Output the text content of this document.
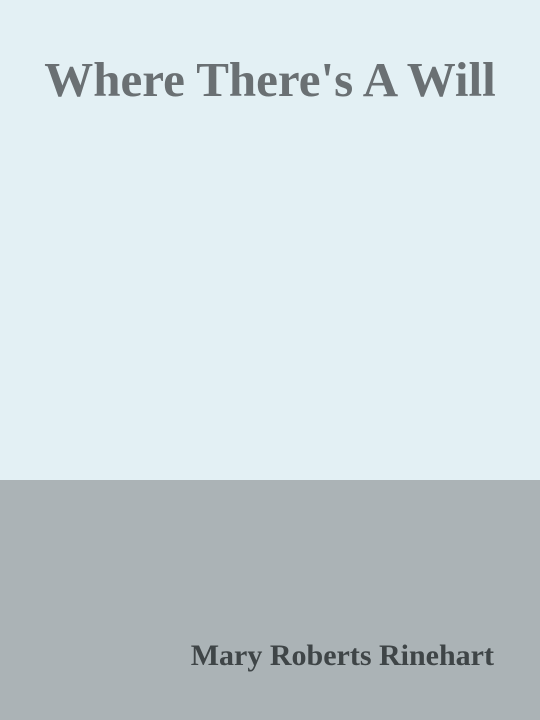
Where There's A Will
Mary Roberts Rinehart
